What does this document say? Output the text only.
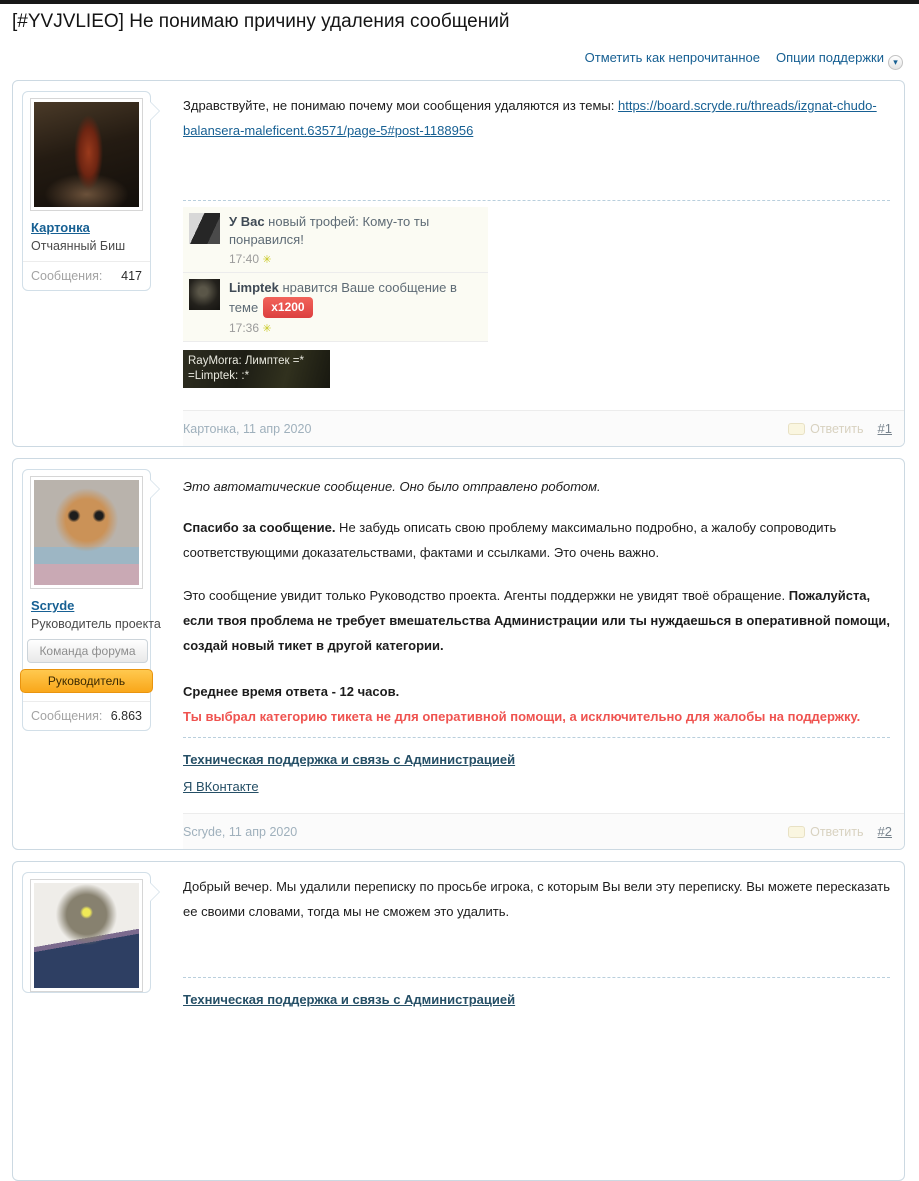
[#YVJVLIEO] Не понимаю причину удаления сообщений
Отметить как непрочитанное Опции поддержки ▾
Картонка
Отчаянный Биш
Сообщения: 417

Здравствуйте, не понимаю почему мои сообщения удаляются из темы: https://board.scryde.ru/threads/izgnat-chudo-balansera-maleficent.63571/page-5#post-1188956

У Вас новый трофей: Кому-то ты понравился!
17:40 ✳
Limptek нравится Ваше сообщение в теме x1200
17:36 ✳
RayMorra: Лимптек =*
=Limptek: :*
Картонка, 11 апр 2020	Ответить #1
Scryde
Руководитель проекта
Команда форума
Руководитель
Сообщения: 6.863

Это автоматические сообщение. Оно было отправлено роботом.

Спасибо за сообщение. Не забудь описать свою проблему максимально подробно, а жалобу сопроводить соответствующими доказательствами, фактами и ссылками. Это очень важно.

Это сообщение увидит только Руководство проекта. Агенты поддержки не увидят твоё обращение. Пожалуйста, если твоя проблема не требует вмешательства Администрации или ты нуждаешься в оперативной помощи, создай новый тикет в другой категории.

Среднее время ответа - 12 часов.

Ты выбрал категорию тикета не для оперативной помощи, а исключительно для жалобы на поддержку.

Техническая поддержка и связь с Администрацией
Я ВКонтакте
Scryde, 11 апр 2020	Ответить #2

Добрый вечер. Мы удалили переписку по просьбе игрока, с которым Вы вели эту переписку. Вы можете пересказать ее своими словами, тогда мы не сможем это удалить.

Техническая поддержка и связь с Администрацией
